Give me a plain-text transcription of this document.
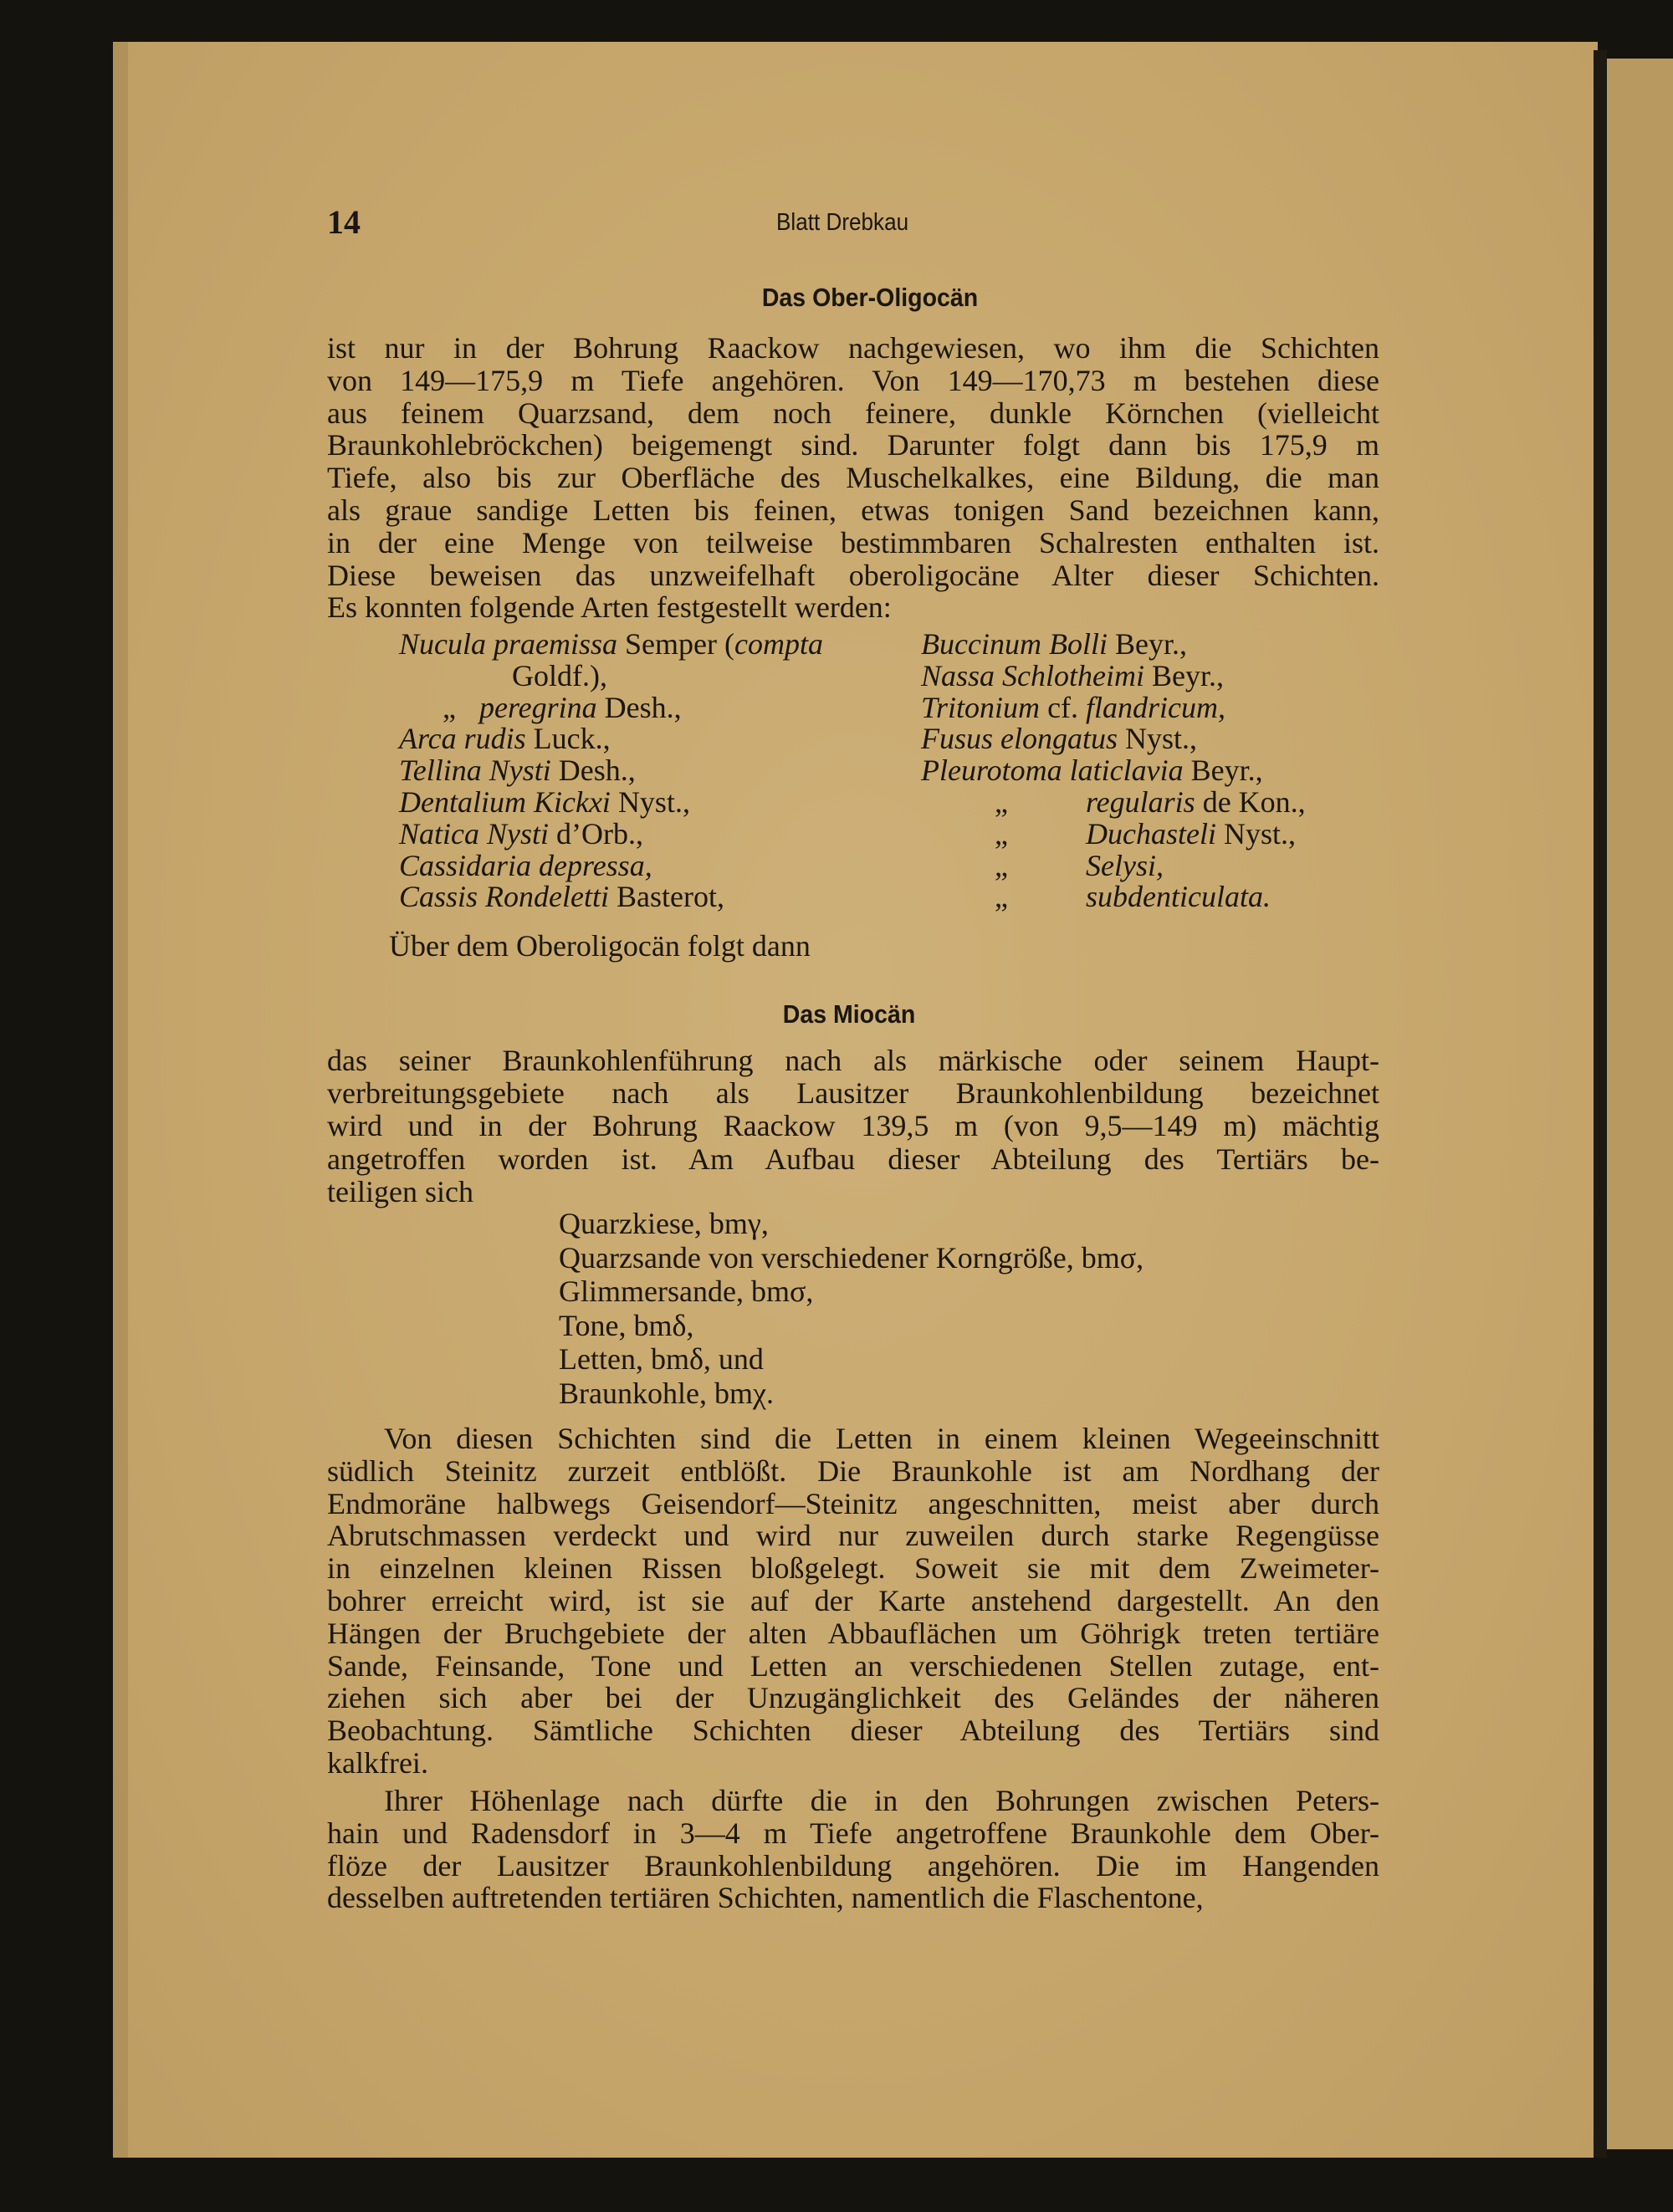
14	Blatt Drebkau
Das Ober-Oligocän
Das Miocän
ist nur in der Bohrung Raackow nachgewiesen, wo ihm die Schichten
von 149—175,9 m Tiefe angehören. Von 149—170,73 m bestehen diese
aus feinem Quarzsand, dem noch feinere, dunkle Körnchen (vielleicht
Braunkohlebröckchen) beigemengt sind. Darunter folgt dann bis 175,9 m
Tiefe, also bis zur Oberfläche des Muschelkalkes, eine Bildung, die man
als graue sandige Letten bis feinen, etwas tonigen Sand bezeichnen kann,
in der eine Menge von teilweise bestimmbaren Schalresten enthalten ist.
Diese beweisen das unzweifelhaft oberoligocäne Alter dieser Schichten.
Es konnten folgende Arten festgestellt werden:
Nucula praemissa Semper (compta
Goldf.),
„ peregrina Desh.,
Arca rudis Luck.,
Tellina Nysti Desh.,
Dentalium Kickxi Nyst.,
Natica Nysti d’Orb.,
Cassidaria depressa,
Cassis Rondeletti Basterot,
Buccinum Bolli Beyr.,
Nassa Schlotheimi Beyr.,
Tritonium cf. flandricum,
Fusus elongatus Nyst.,
Pleurotoma laticlavia Beyr.,
„	regularis de Kon.,
„	Duchasteli Nyst.,
„	Selysi,
„	subdenticulata.
Über dem Oberoligocän folgt dann
das seiner Braunkohlenführung nach als märkische oder seinem Haupt-
verbreitungsgebiete nach als Lausitzer Braunkohlenbildung bezeichnet
wird und in der Bohrung Raackow 139,5 m (von 9,5—149 m) mächtig
angetroffen worden ist. Am Aufbau dieser Abteilung des Tertiärs be-
teiligen sich
Quarzkiese, bmγ,
Quarzsande von verschiedener Korngröße, bmσ,
Glimmersande, bmσ,
Tone, bmδ,
Letten, bmδ, und
Braunkohle, bmχ.
Von diesen Schichten sind die Letten in einem kleinen Wegeeinschnitt
südlich Steinitz zurzeit entblößt. Die Braunkohle ist am Nordhang der
Endmoräne halbwegs Geisendorf—Steinitz angeschnitten, meist aber durch
Abrutschmassen verdeckt und wird nur zuweilen durch starke Regengüsse
in einzelnen kleinen Rissen bloßgelegt. Soweit sie mit dem Zweimeter-
bohrer erreicht wird, ist sie auf der Karte anstehend dargestellt. An den
Hängen der Bruchgebiete der alten Abbauflächen um Göhrigk treten tertiäre
Sande, Feinsande, Tone und Letten an verschiedenen Stellen zutage, ent-
ziehen sich aber bei der Unzugänglichkeit des Geländes der näheren
Beobachtung. Sämtliche Schichten dieser Abteilung des Tertiärs sind
kalkfrei.
Ihrer Höhenlage nach dürfte die in den Bohrungen zwischen Peters-
hain und Radensdorf in 3—4 m Tiefe angetroffene Braunkohle dem Ober-
flöze der Lausitzer Braunkohlenbildung angehören. Die im Hangenden
desselben auftretenden tertiären Schichten, namentlich die Flaschentone,
